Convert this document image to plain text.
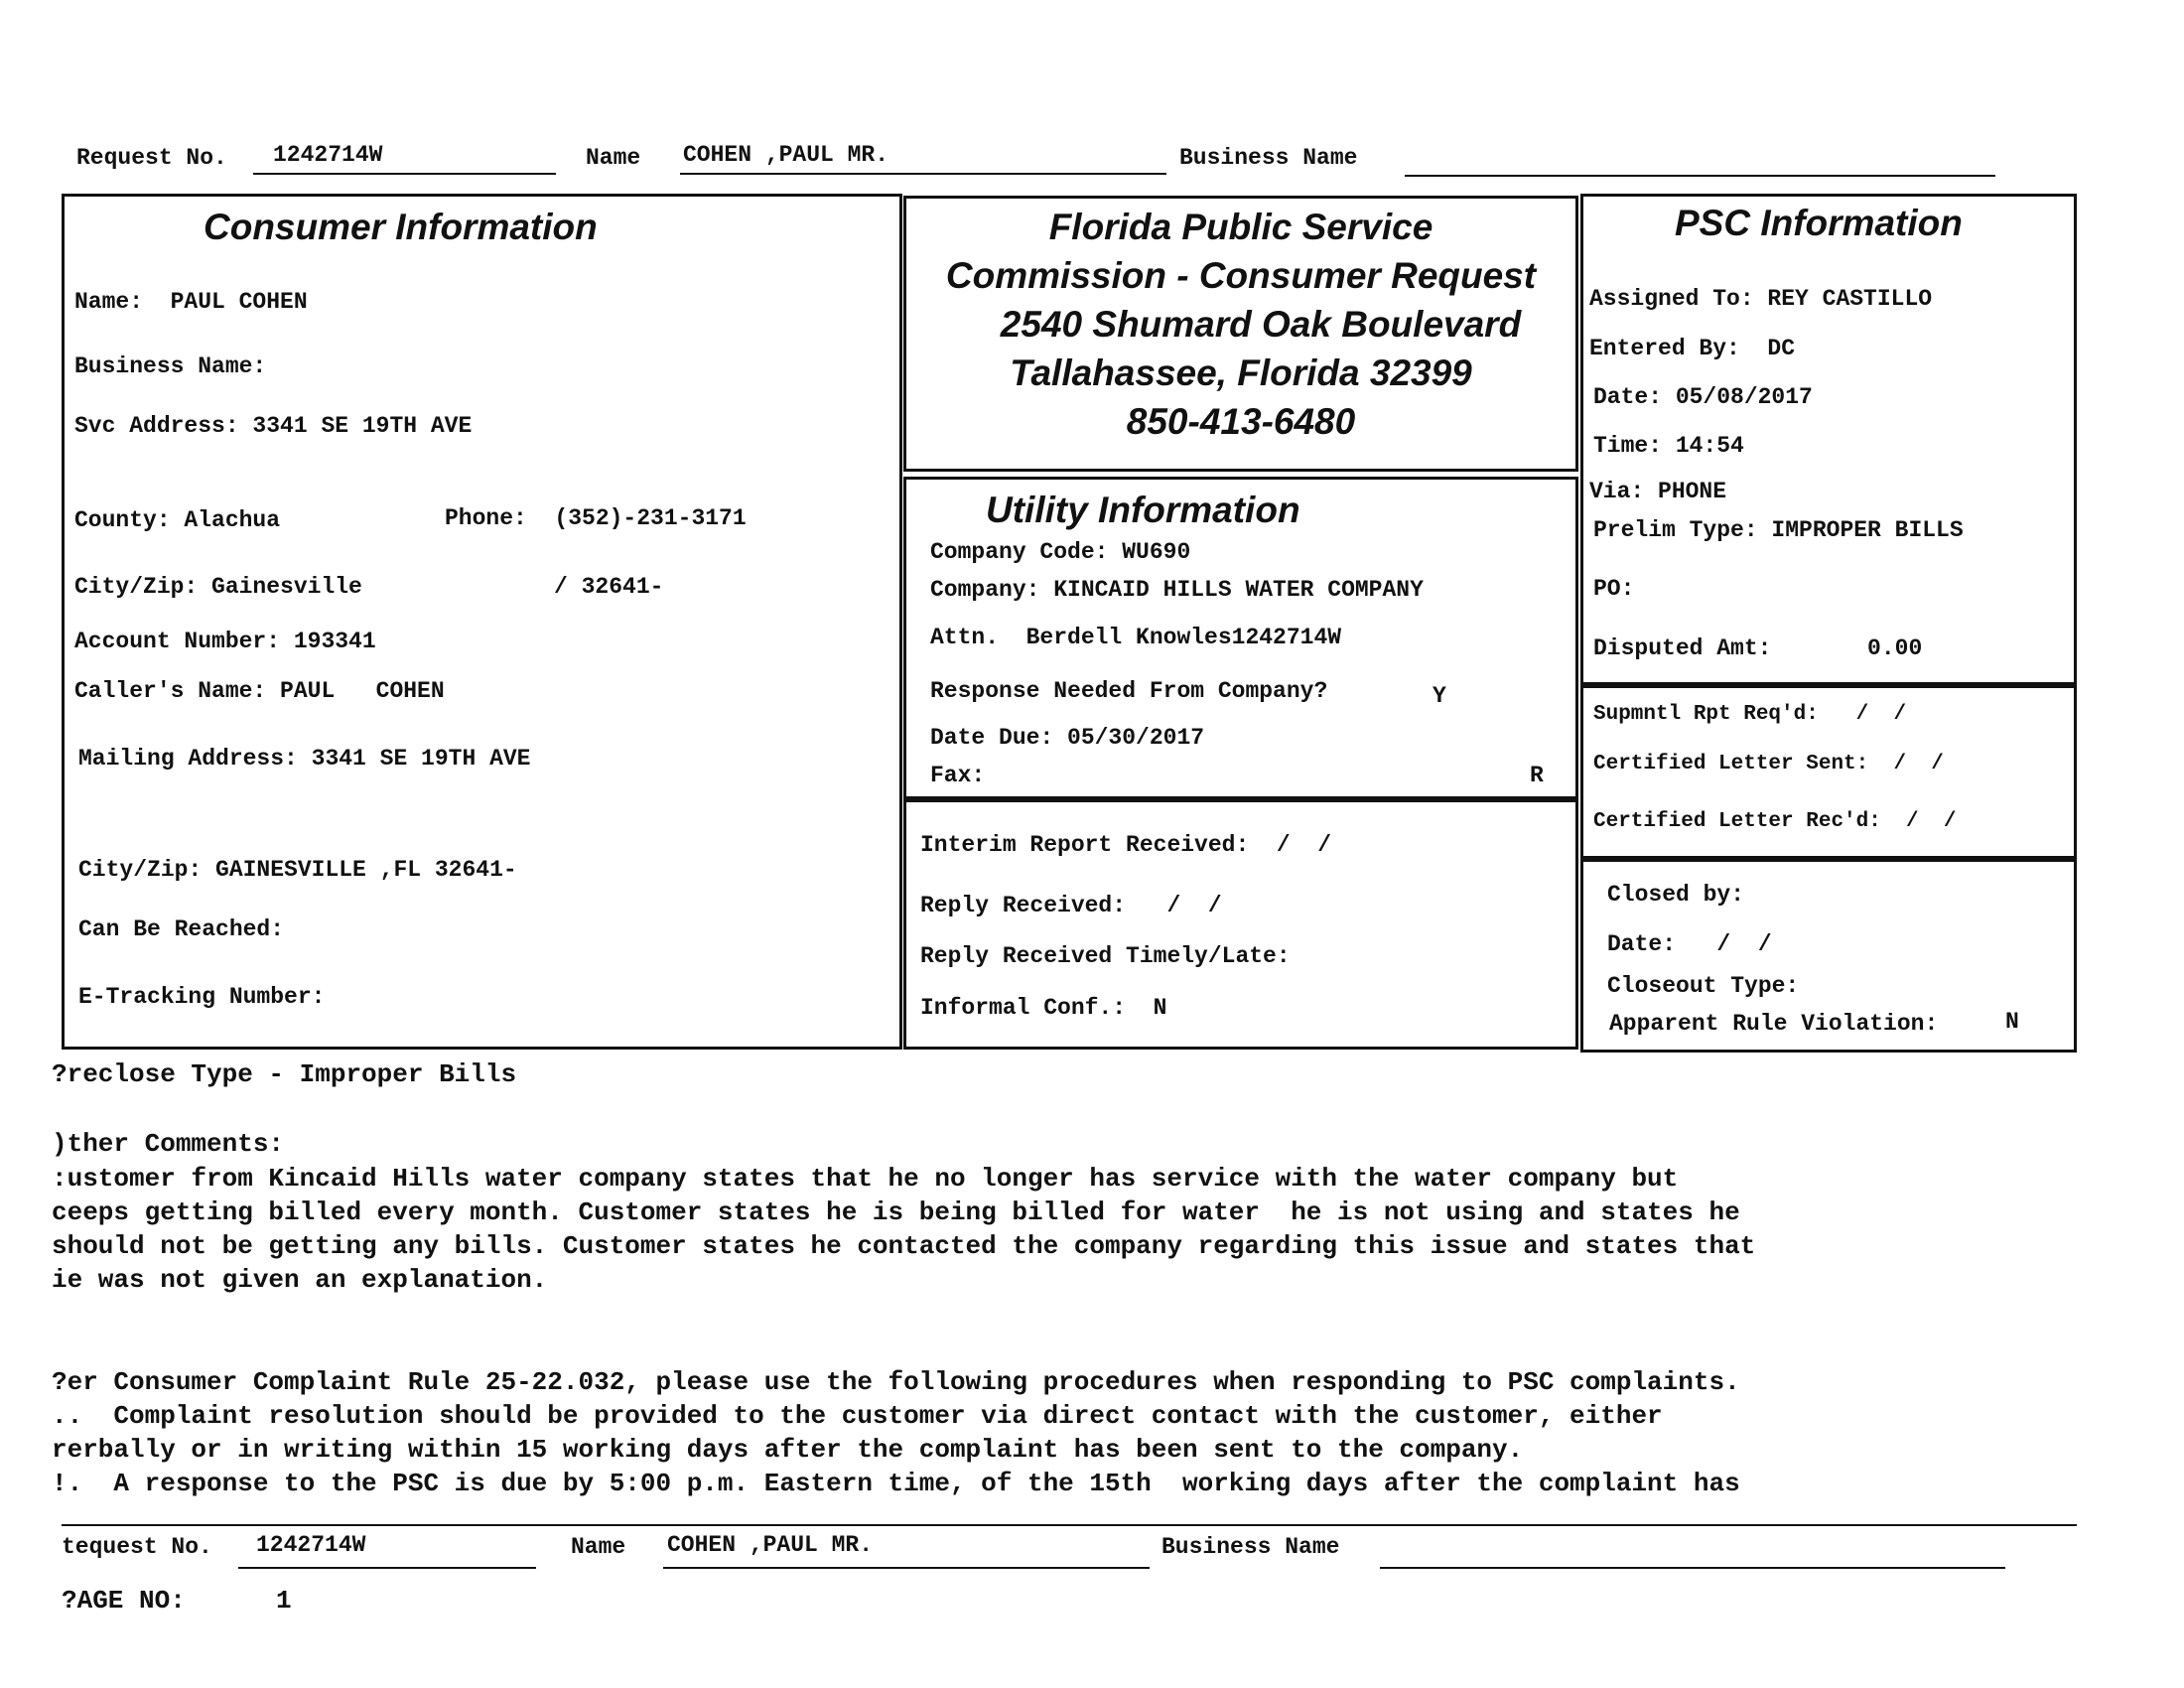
Request No. 1242714W	Name COHEN ,PAUL MR.	Business Name
Consumer Information
Name:  PAUL COHEN
Business Name:
Svc Address: 3341 SE 19TH AVE
County: Alachua	Phone:  (352)-231-3171
City/Zip: Gainesville	/ 32641-
Account Number: 193341
Caller's Name: PAUL   COHEN
Mailing Address: 3341 SE 19TH AVE
City/Zip: GAINESVILLE ,FL 32641-
Can Be Reached:
E-Tracking Number:
Florida Public Service
Commission - Consumer Request
2540 Shumard Oak Boulevard
Tallahassee, Florida 32399
850-413-6480
Utility Information
Company Code: WU690
Company: KINCAID HILLS WATER COMPANY
Attn.  Berdell Knowles1242714W
Response Needed From Company?	Y
Date Due: 05/30/2017
Fax:	R
Interim Report Received:  /  /
Reply Received:   /  /
Reply Received Timely/Late:
Informal Conf.:  N
PSC Information
Assigned To: REY CASTILLO
Entered By:  DC
Date: 05/08/2017
Time: 14:54
Via: PHONE
Prelim Type: IMPROPER BILLS
PO:
Disputed Amt:       0.00
Supmntl Rpt Req'd:   /  /
Certified Letter Sent:  /  /
Certified Letter Rec'd:  /  /
Closed by:
Date:   /  /
Closeout Type:
Apparent Rule Violation:	N
?reclose Type - Improper Bills
)ther Comments:
:ustomer from Kincaid Hills water company states that he no longer has service with the water company but
ceeps getting billed every month. Customer states he is being billed for water  he is not using and states he
should not be getting any bills. Customer states he contacted the company regarding this issue and states that
ie was not given an explanation.
?er Consumer Complaint Rule 25-22.032, please use the following procedures when responding to PSC complaints.
..  Complaint resolution should be provided to the customer via direct contact with the customer, either
rerbally or in writing within 15 working days after the complaint has been sent to the company.
!.  A response to the PSC is due by 5:00 p.m. Eastern time, of the 15th  working days after the complaint has
tequest No. 1242714W	Name COHEN ,PAUL MR.	Business Name
?AGE NO:	1
